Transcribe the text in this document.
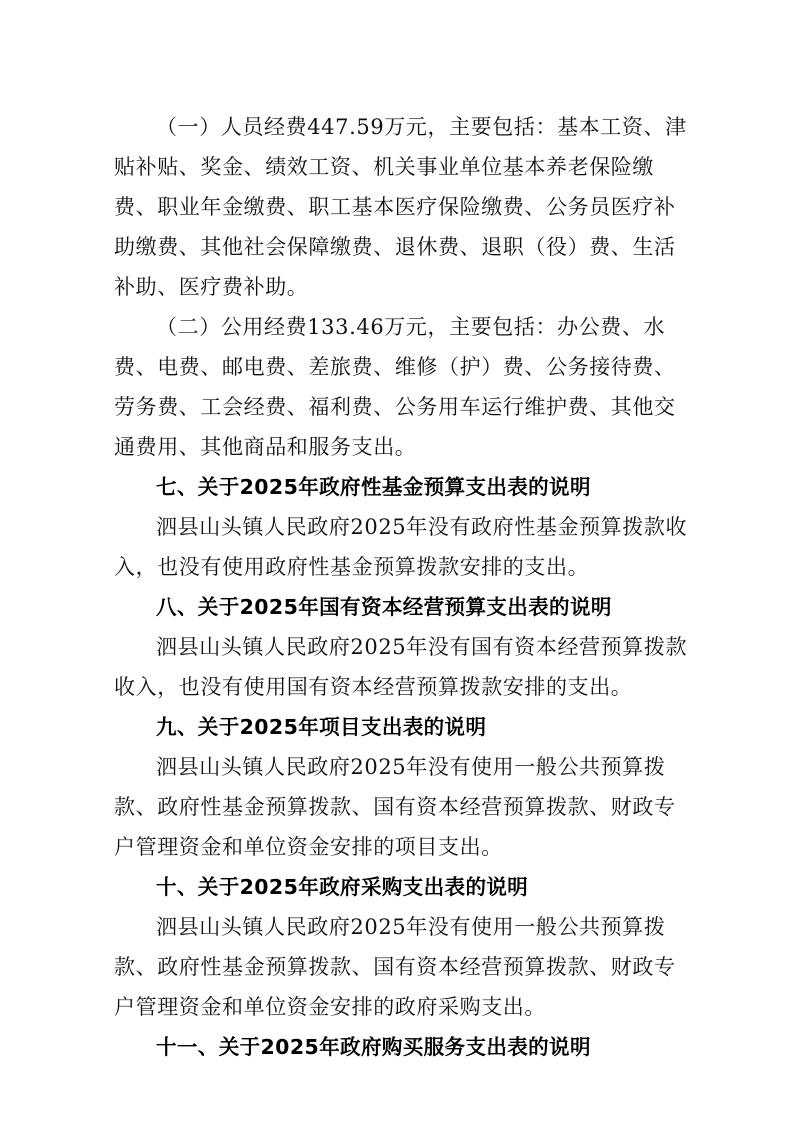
（一）人员经费447.59万元，主要包括：基本工资、津
贴补贴、奖金、绩效工资、机关事业单位基本养老保险缴
费、职业年金缴费、职工基本医疗保险缴费、公务员医疗补
助缴费、其他社会保障缴费、退休费、退职（役）费、生活
补助、医疗费补助。
（二）公用经费133.46万元，主要包括：办公费、水
费、电费、邮电费、差旅费、维修（护）费、公务接待费、
劳务费、工会经费、福利费、公务用车运行维护费、其他交
通费用、其他商品和服务支出。
七、关于2025年政府性基金预算支出表的说明
泗县山头镇人民政府2025年没有政府性基金预算拨款收
入，也没有使用政府性基金预算拨款安排的支出。
八、关于2025年国有资本经营预算支出表的说明
泗县山头镇人民政府2025年没有国有资本经营预算拨款
收入，也没有使用国有资本经营预算拨款安排的支出。
九、关于2025年项目支出表的说明
泗县山头镇人民政府2025年没有使用一般公共预算拨
款、政府性基金预算拨款、国有资本经营预算拨款、财政专
户管理资金和单位资金安排的项目支出。
十、关于2025年政府采购支出表的说明
泗县山头镇人民政府2025年没有使用一般公共预算拨
款、政府性基金预算拨款、国有资本经营预算拨款、财政专
户管理资金和单位资金安排的政府采购支出。
十一、关于2025年政府购买服务支出表的说明
